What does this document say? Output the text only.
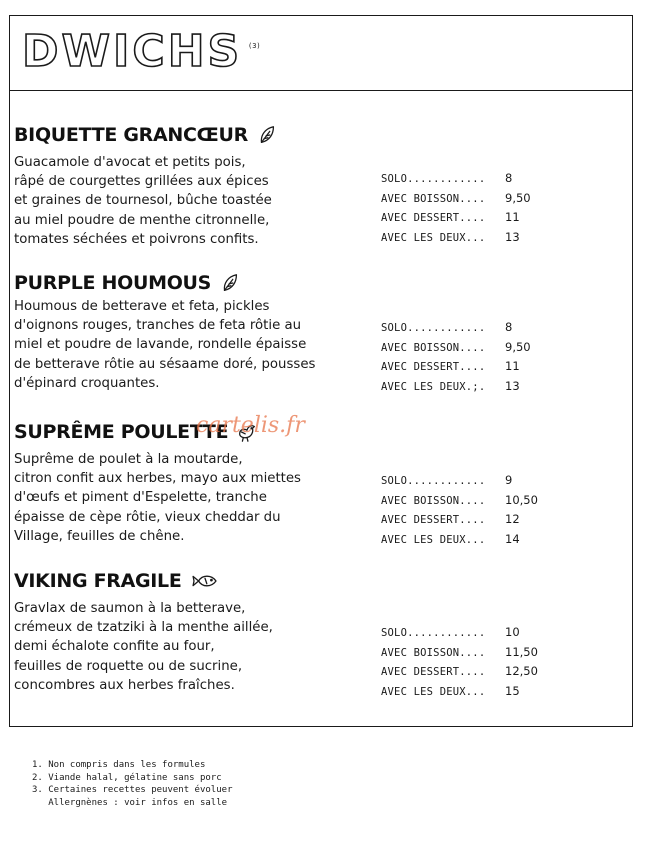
DWICHS (3)
BIQUETTE GRANCŒUR
Guacamole d'avocat et petits pois,
râpé de courgettes grillées aux épices
et graines de tournesol, bûche toastée
au miel poudre de menthe citronnelle,
tomates séchées et poivrons confits.
SOLO............	8
AVEC BOISSON....	9,50
AVEC DESSERT....	11
AVEC LES DEUX...	13
PURPLE HOUMOUS
Houmous de betterave et feta, pickles
d'oignons rouges, tranches de feta rôtie au
miel et poudre de lavande, rondelle épaisse
de betterave rôtie au sésaame doré, pousses
d'épinard croquantes.
SOLO............	8
AVEC BOISSON....	9,50
AVEC DESSERT....	11
AVEC LES DEUX.;.	13
SUPRÊME POULETTE
Suprême de poulet à la moutarde,
citron confit aux herbes, mayo aux miettes
d'œufs et piment d'Espelette, tranche
épaisse de cèpe rôtie, vieux cheddar du
Village, feuilles de chêne.
SOLO............	9
AVEC BOISSON....	10,50
AVEC DESSERT....	12
AVEC LES DEUX...	14
VIKING FRAGILE
Gravlax de saumon à la betterave,
crémeux de tzatziki à la menthe aillée,
demi échalote confite au four,
feuilles de roquette ou de sucrine,
concombres aux herbes fraîches.
SOLO............	10
AVEC BOISSON....	11,50
AVEC DESSERT....	12,50
AVEC LES DEUX...	15
cartelis.fr
1. Non compris dans les formules
2. Viande halal, gélatine sans porc
3. Certaines recettes peuvent évoluer
Allergnènes : voir infos en salle
